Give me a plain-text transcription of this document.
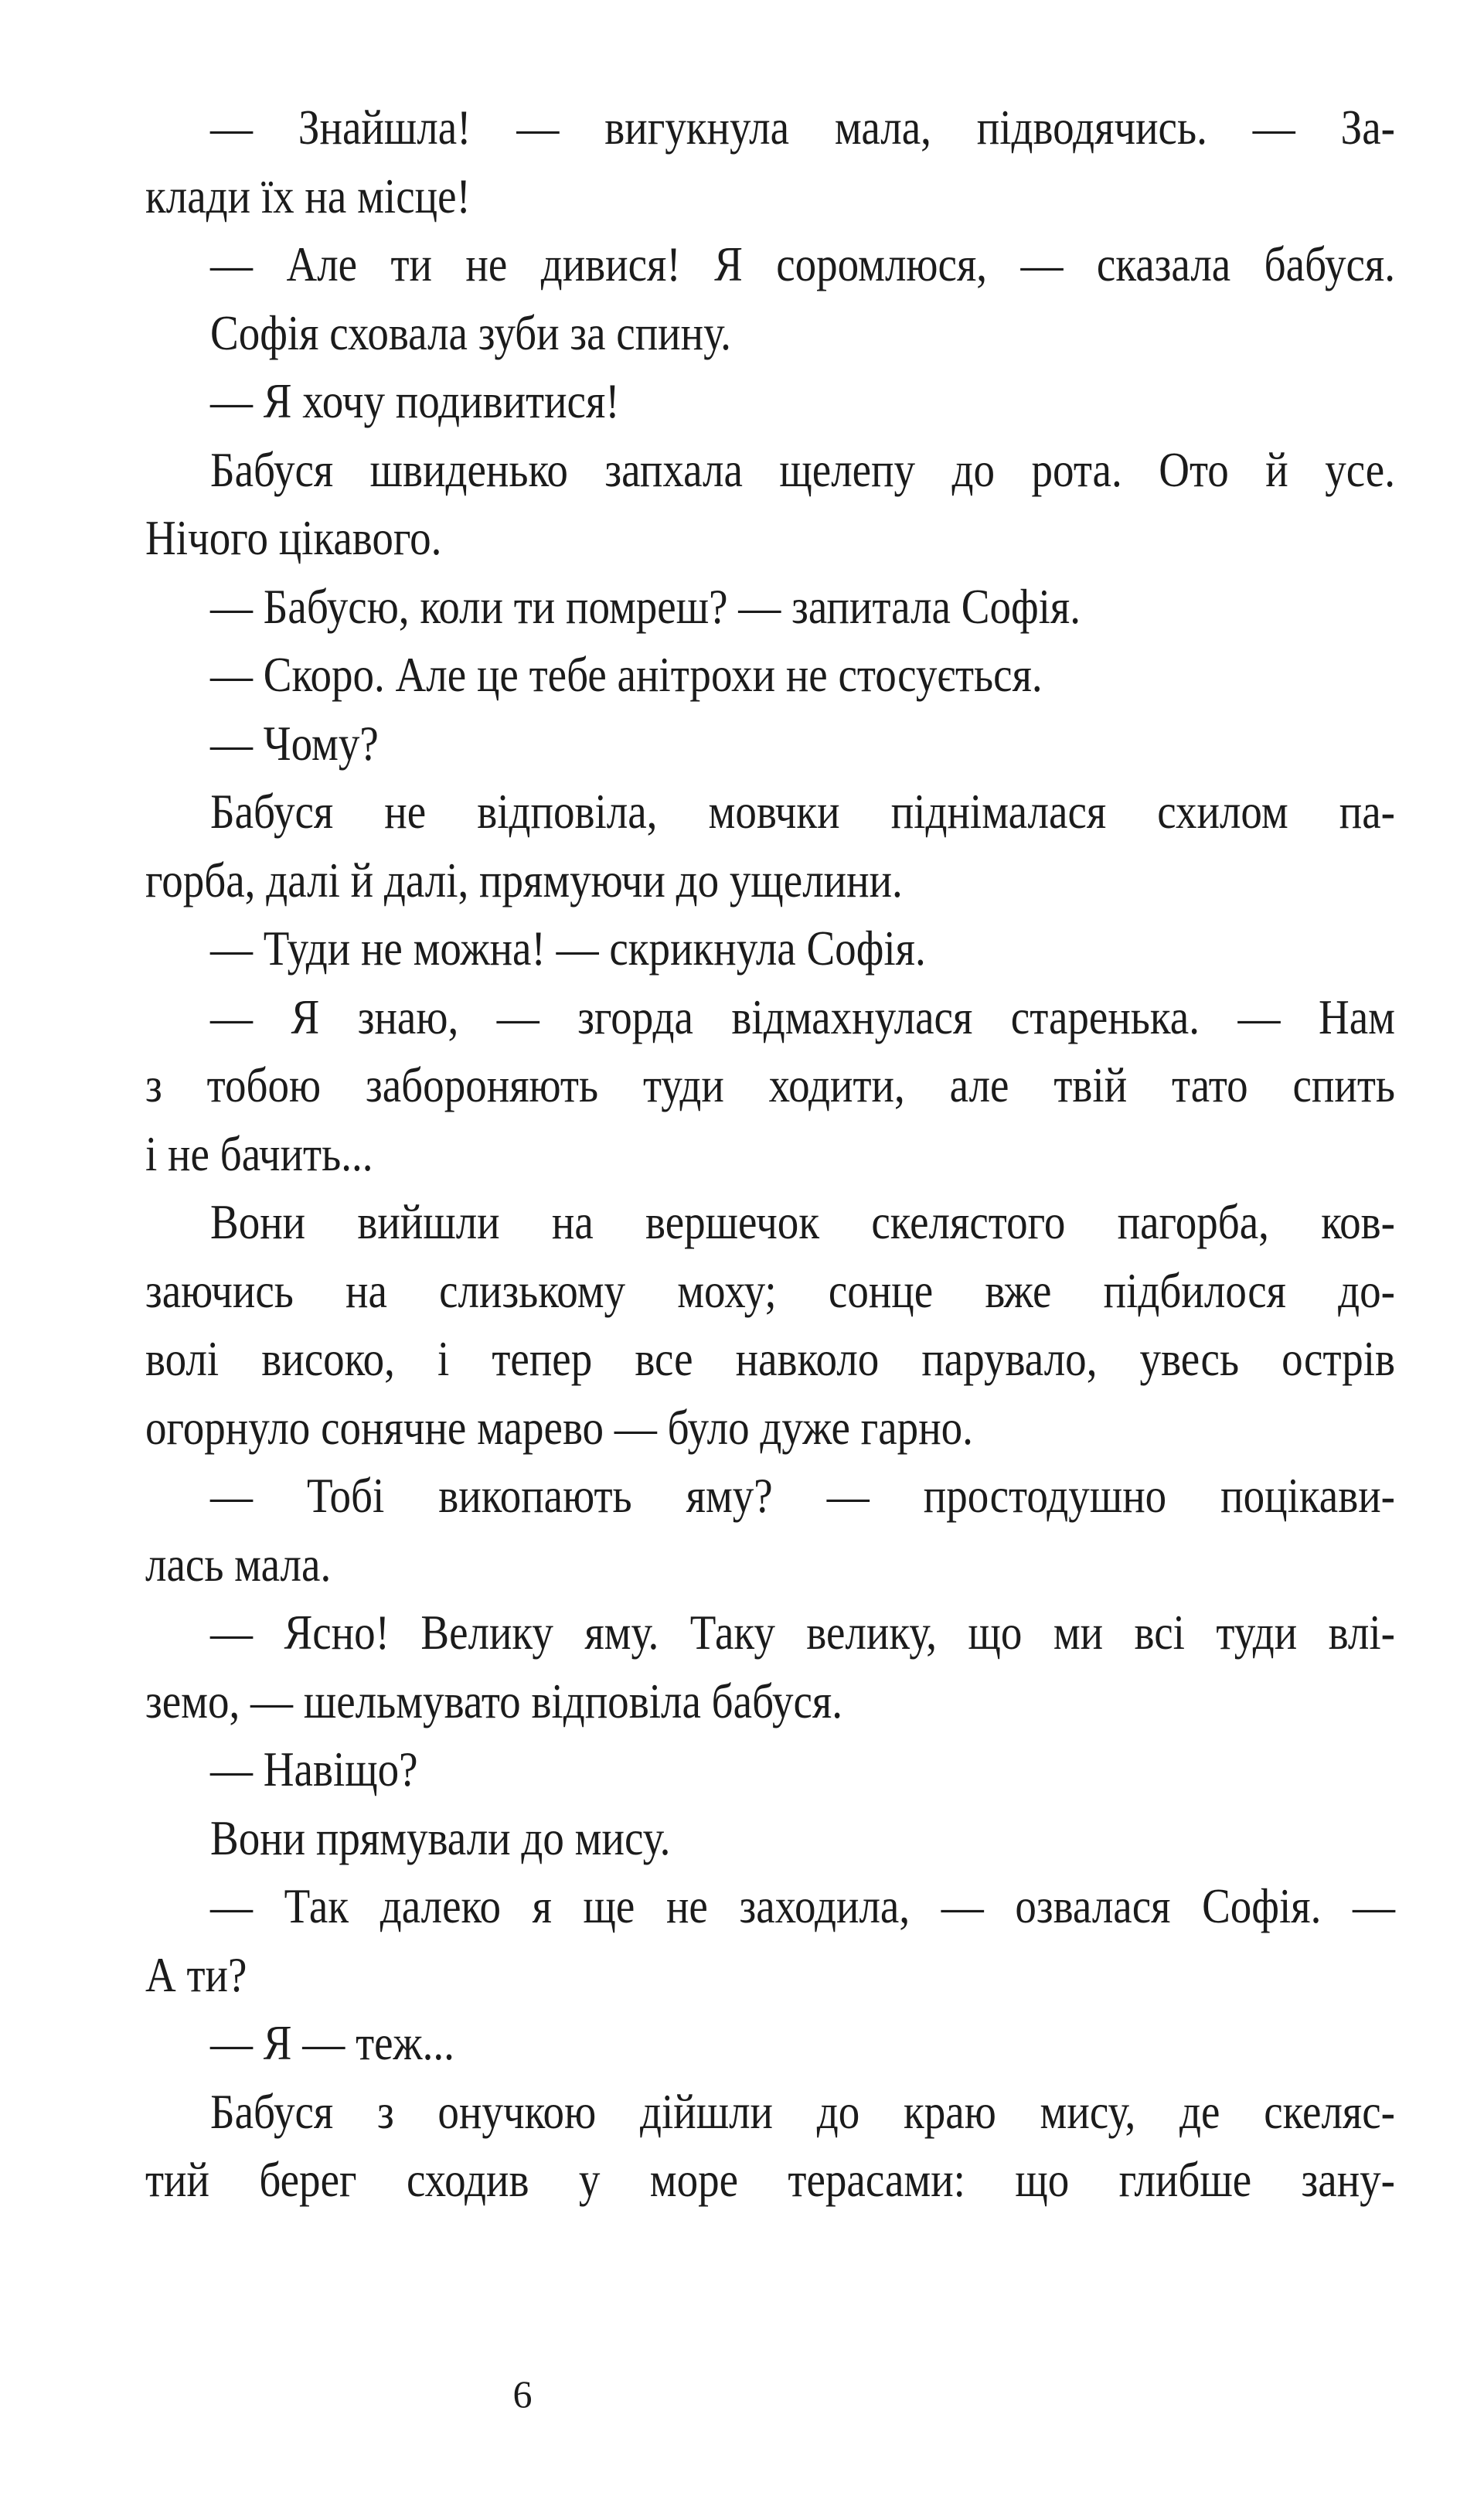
— Знайшла! — вигукнула мала, підводячись. — За-
клади їх на місце!
— Але ти не дивися! Я соромлюся, — сказала бабуся.
Софія сховала зуби за спину.
— Я хочу подивитися!
Бабуся швиденько запхала щелепу до рота. Ото й усе.
Нічого цікавого.
— Бабусю, коли ти помреш? — запитала Софія.
— Скоро. Але це тебе анітрохи не стосується.
— Чому?
Бабуся не відповіла, мовчки піднімалася схилом па-
горба, далі й далі, прямуючи до ущелини.
— Туди не можна! — скрикнула Софія.
— Я знаю, — згорда відмахнулася старенька. — Нам
з тобою забороняють туди ходити, але твій тато спить
і не бачить...
Вони вийшли на вершечок скелястого пагорба, ков-
заючись на слизькому моху; сонце вже підбилося до-
волі високо, і тепер все навколо парувало, увесь острів
огорнуло сонячне марево — було дуже гарно.
— Тобі викопають яму? — простодушно поцікави-
лась мала.
— Ясно! Велику яму. Таку велику, що ми всі туди влі-
земо, — шельмувато відповіла бабуся.
— Навіщо?
Вони прямували до мису.
— Так далеко я ще не заходила, — озвалася Софія. —
А ти?
— Я — теж...
Бабуся з онучкою дійшли до краю мису, де скеляс-
тий берег сходив у море терасами: що глибше зану-
6
